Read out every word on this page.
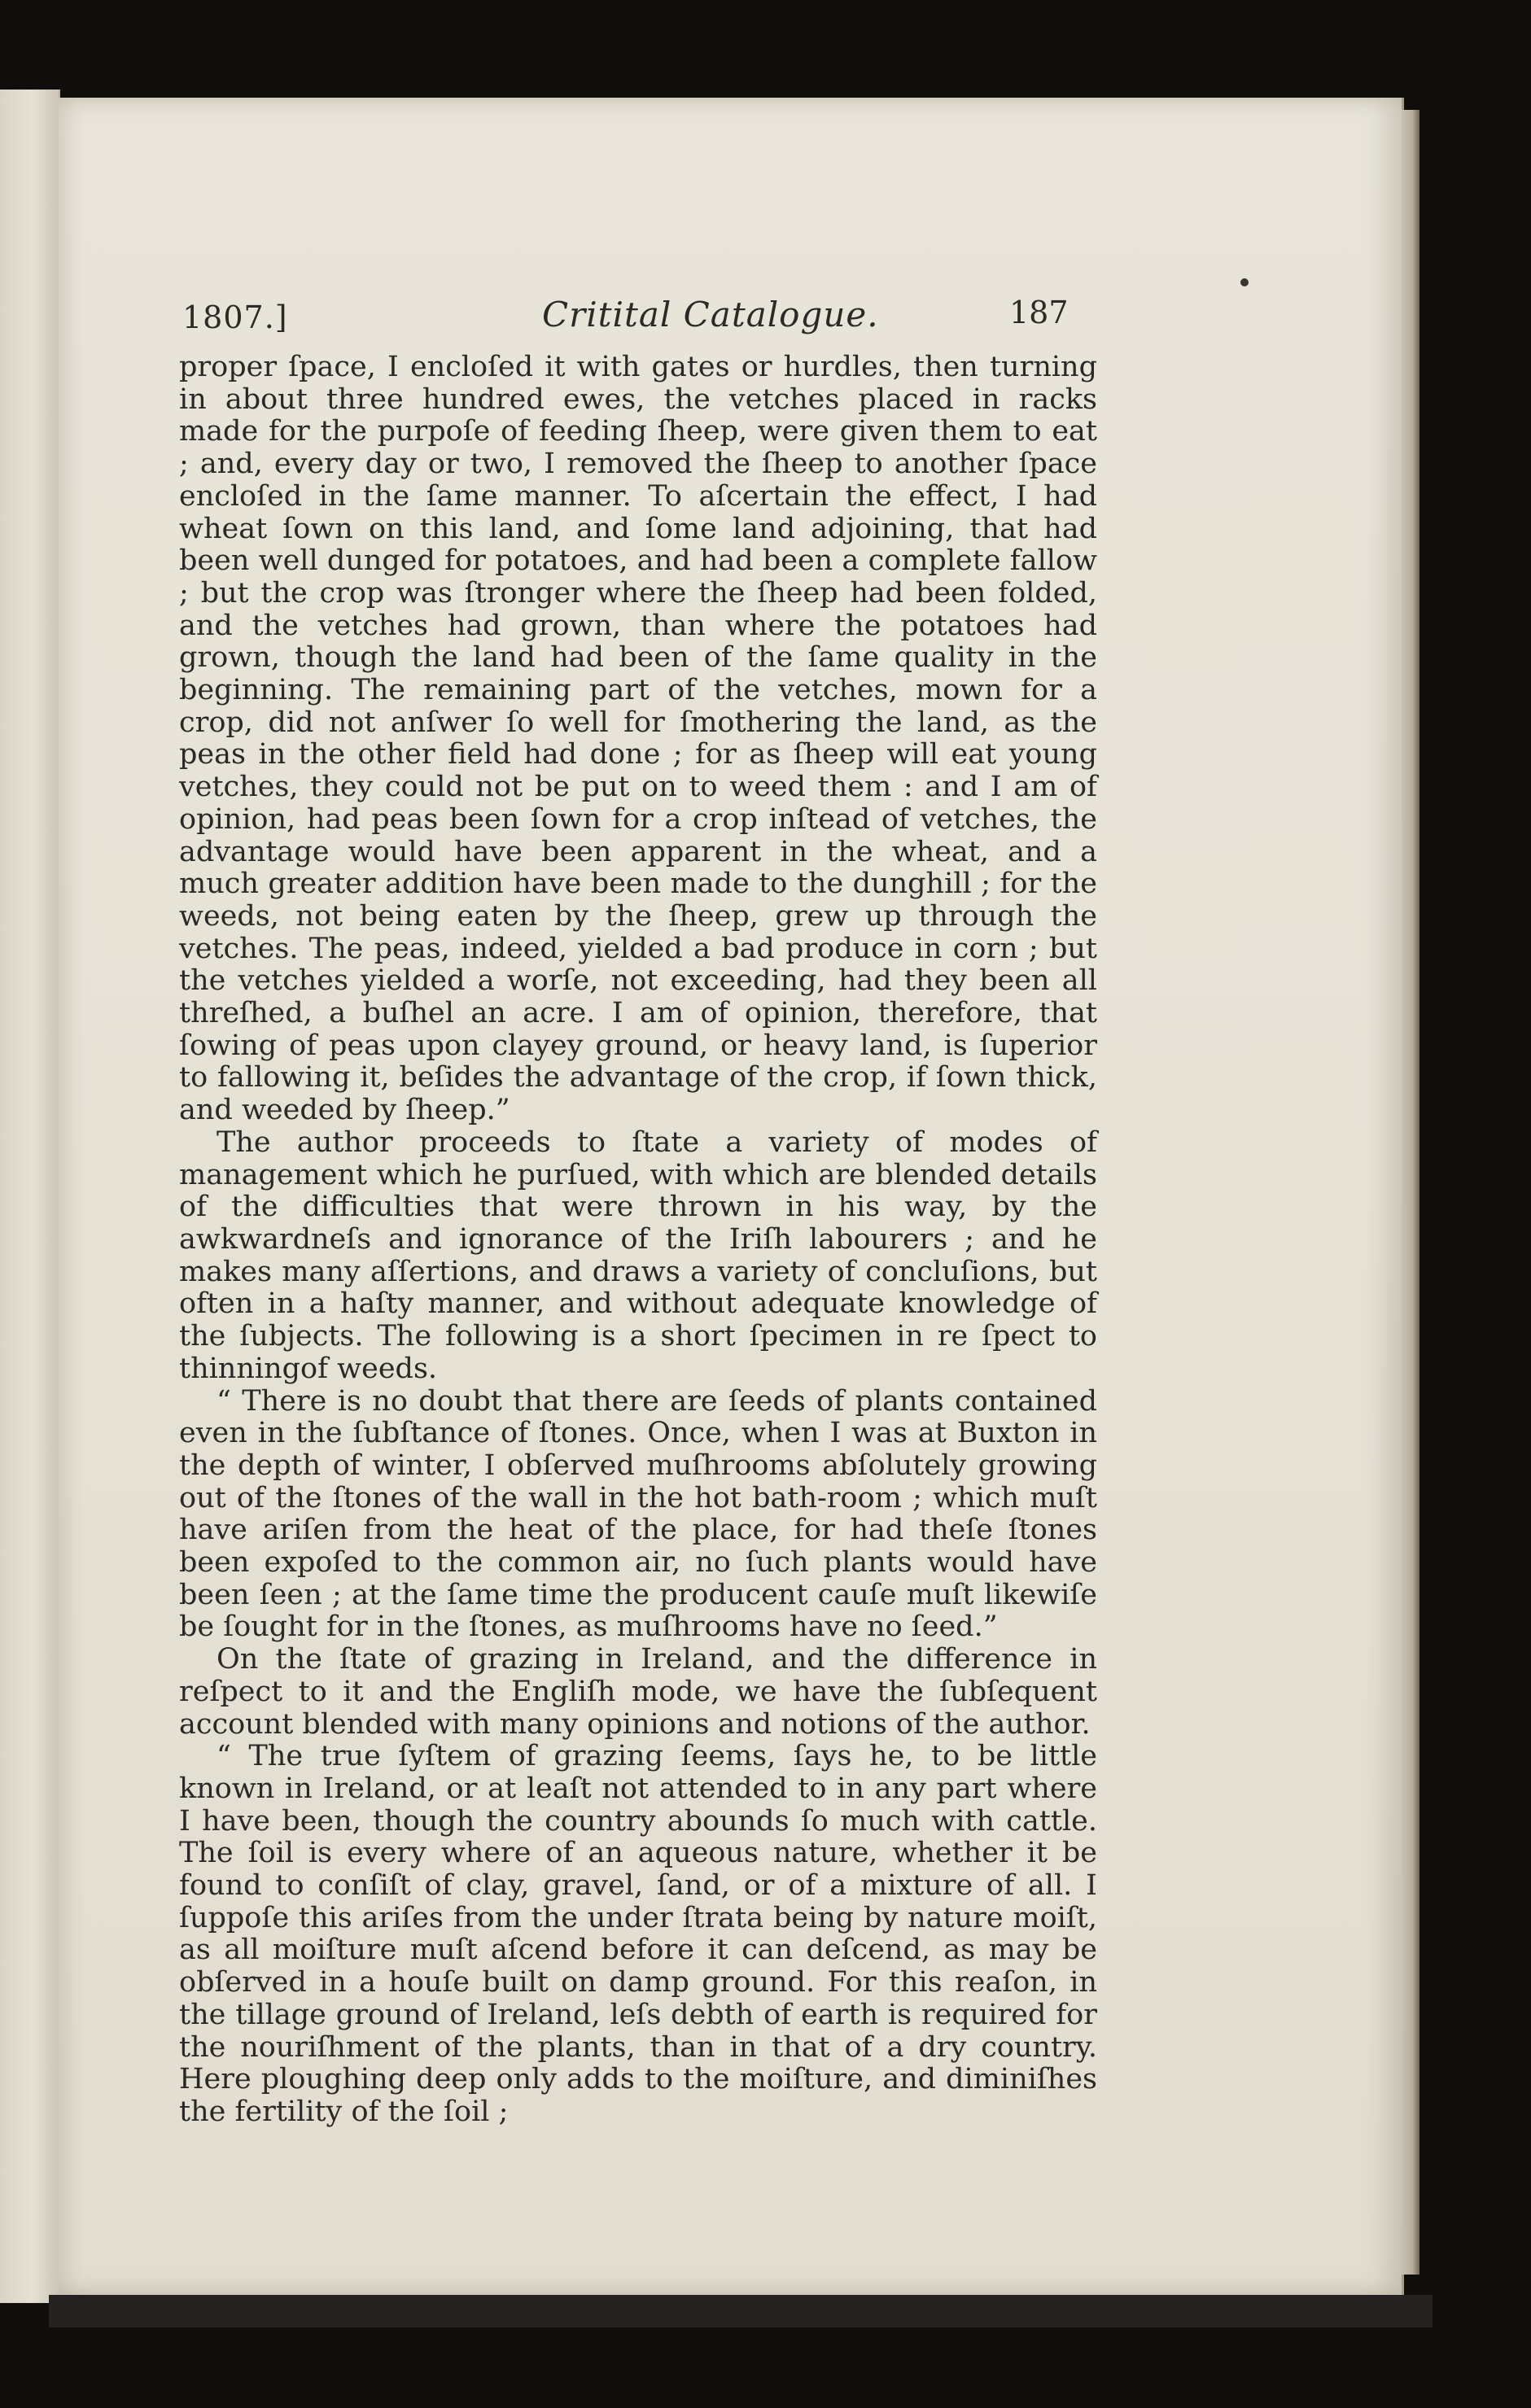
1807.]	Critital Catalogue.	187

proper ſpace, I encloſed it with gates or hurdles, then turning in about three hundred ewes, the vetches placed in racks made for the purpoſe of feeding ſheep, were given them to eat ; and, every day or two, I removed the ſheep to another ſpace encloſed in the ſame manner. To aſcertain the effect, I had wheat ſown on this land, and ſome land adjoining, that had been well dunged for potatoes, and had been a complete fallow ; but the crop was ſtronger where the ſheep had been folded, and the vetches had grown, than where the potatoes had grown, though the land had been of the ſame quality in the beginning. The remaining part of the vetches, mown for a crop, did not anſwer ſo well for ſmothering the land, as the peas in the other field had done ; for as ſheep will eat young vetches, they could not be put on to weed them : and I am of opinion, had peas been ſown for a crop inſtead of vetches, the advantage would have been apparent in the wheat, and a much greater addition have been made to the dunghill ; for the weeds, not being eaten by the ſheep, grew up through the vetches. The peas, indeed, yielded a bad produce in corn ; but the vetches yielded a worſe, not exceeding, had they been all threſhed, a buſhel an acre. I am of opinion, therefore, that ſowing of peas upon clayey ground, or heavy land, is ſuperior to fallowing it, beſides the advantage of the crop, if ſown thick, and weeded by ſheep.”

The author proceeds to ſtate a variety of modes of management which he purſued, with which are blended details of the difficulties that were thrown in his way, by the awkwardneſs and ignorance of the Iriſh labourers ; and he makes many aſſertions, and draws a variety of concluſions, but often in a haſty manner, and without adequate knowledge of the ſubjects. The following is a short ſpecimen in re ſpect to thinningof weeds.

“ There is no doubt that there are ſeeds of plants contained even in the ſubſtance of ſtones. Once, when I was at Buxton in the depth of winter, I obſerved muſhrooms abſolutely growing out of the ſtones of the wall in the hot bath-room ; which muſt have ariſen from the heat of the place, for had theſe ſtones been expoſed to the common air, no ſuch plants would have been ſeen ; at the ſame time the producent cauſe muſt likewiſe be ſought for in the ſtones, as muſhrooms have no ſeed.”

On the ſtate of grazing in Ireland, and the difference in reſpect to it and the Engliſh mode, we have the ſubſequent account blended with many opinions and notions of the author.

“ The true ſyſtem of grazing ſeems, ſays he, to be little known in Ireland, or at leaſt not attended to in any part where I have been, though the country abounds ſo much with cattle. The ſoil is every where of an aqueous nature, whether it be found to conſiſt of clay, gravel, ſand, or of a mixture of all. I ſuppoſe this ariſes from the under ſtrata being by nature moiſt, as all moiſture muſt aſcend before it can deſcend, as may be obſerved in a houſe built on damp ground. For this reaſon, in the tillage ground of Ireland, leſs debth of earth is required for the nouriſhment of the plants, than in that of a dry country. Here ploughing deep only adds to the moiſture, and diminiſhes the fertility of the ſoil ;
